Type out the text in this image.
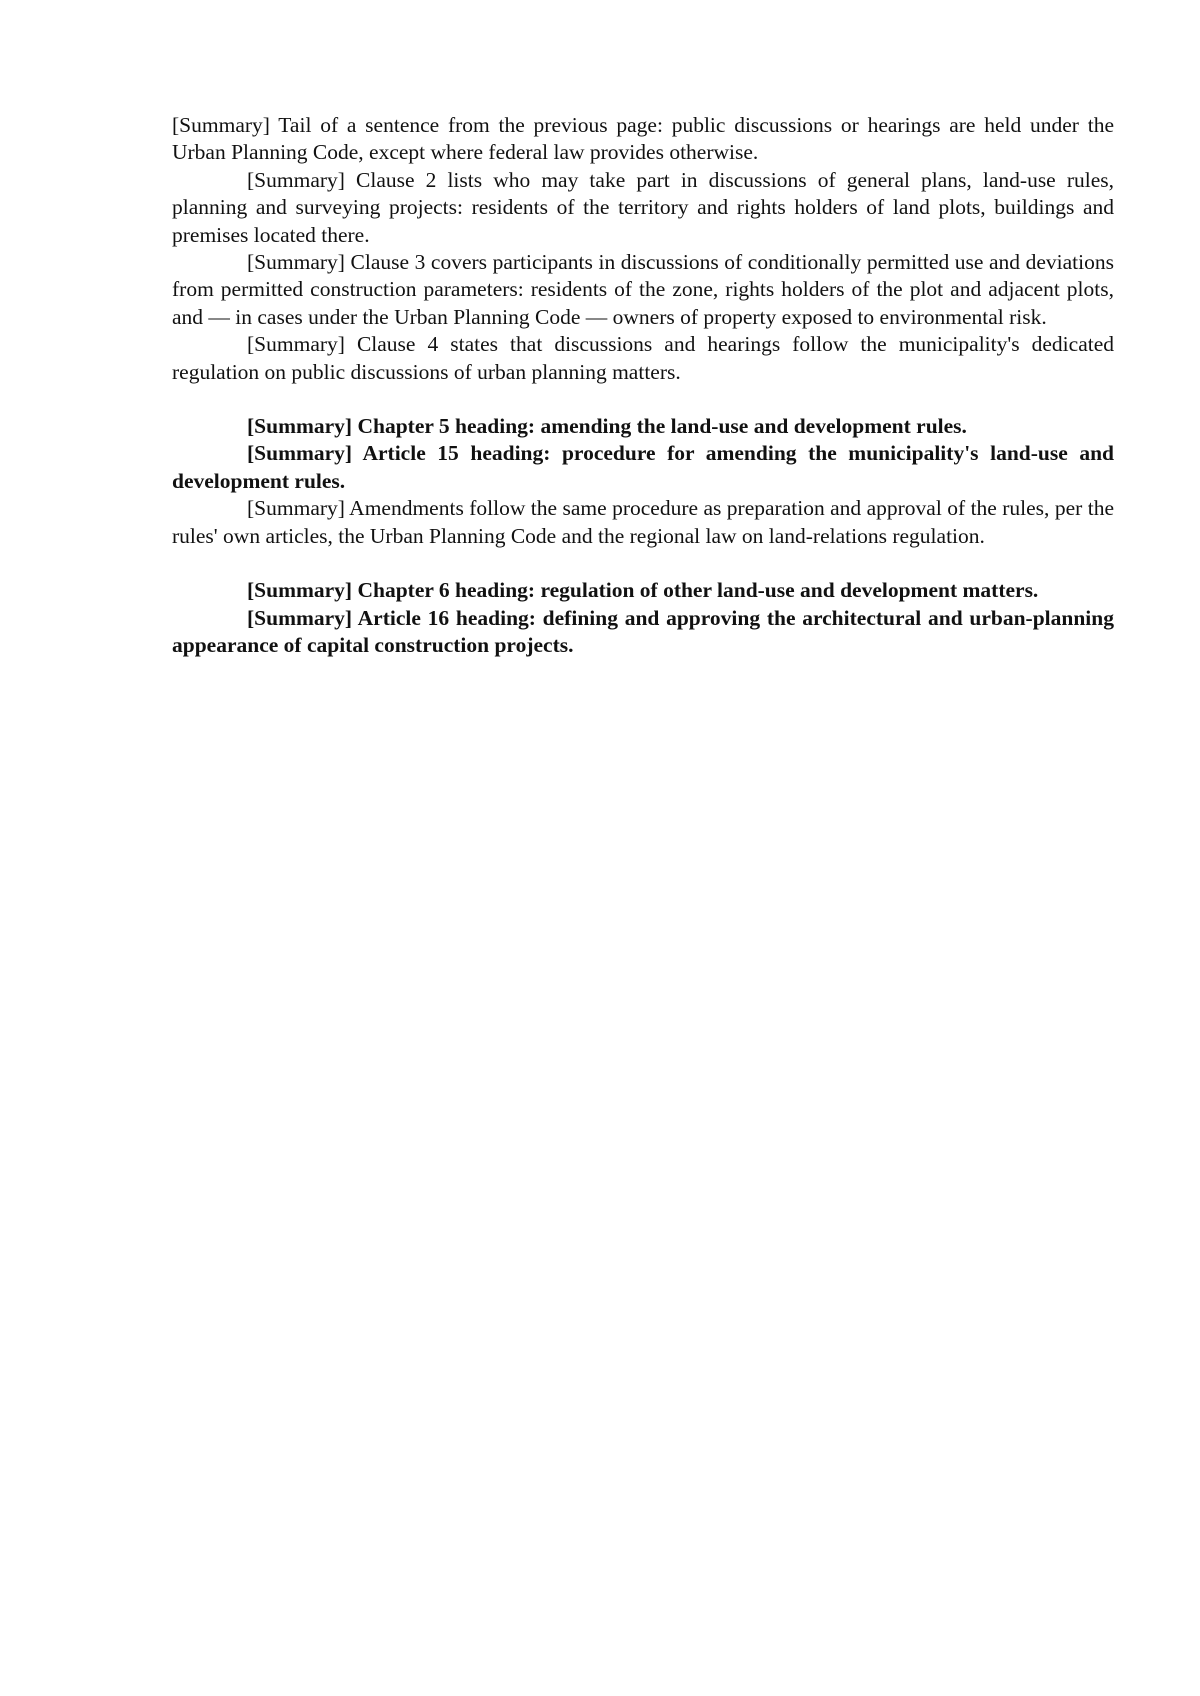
[Summary] Tail of a sentence from the previous page: public discussions or hearings are held under the Urban Planning Code, except where federal law provides otherwise.

[Summary] Clause 2 lists who may take part in discussions of general plans, land-use rules, planning and surveying projects: residents of the territory and rights holders of land plots, buildings and premises located there.

[Summary] Clause 3 covers participants in discussions of conditionally permitted use and deviations from permitted construction parameters: residents of the zone, rights holders of the plot and adjacent plots, and — in cases under the Urban Planning Code — owners of property exposed to environmental risk.

[Summary] Clause 4 states that discussions and hearings follow the municipality's dedicated regulation on public discussions of urban planning matters.

[Summary] Chapter 5 heading: amending the land-use and development rules.

[Summary] Article 15 heading: procedure for amending the municipality's land-use and development rules.

[Summary] Amendments follow the same procedure as preparation and approval of the rules, per the rules' own articles, the Urban Planning Code and the regional law on land-relations regulation.

[Summary] Chapter 6 heading: regulation of other land-use and development matters.

[Summary] Article 16 heading: defining and approving the architectural and urban-planning appearance of capital construction projects.
